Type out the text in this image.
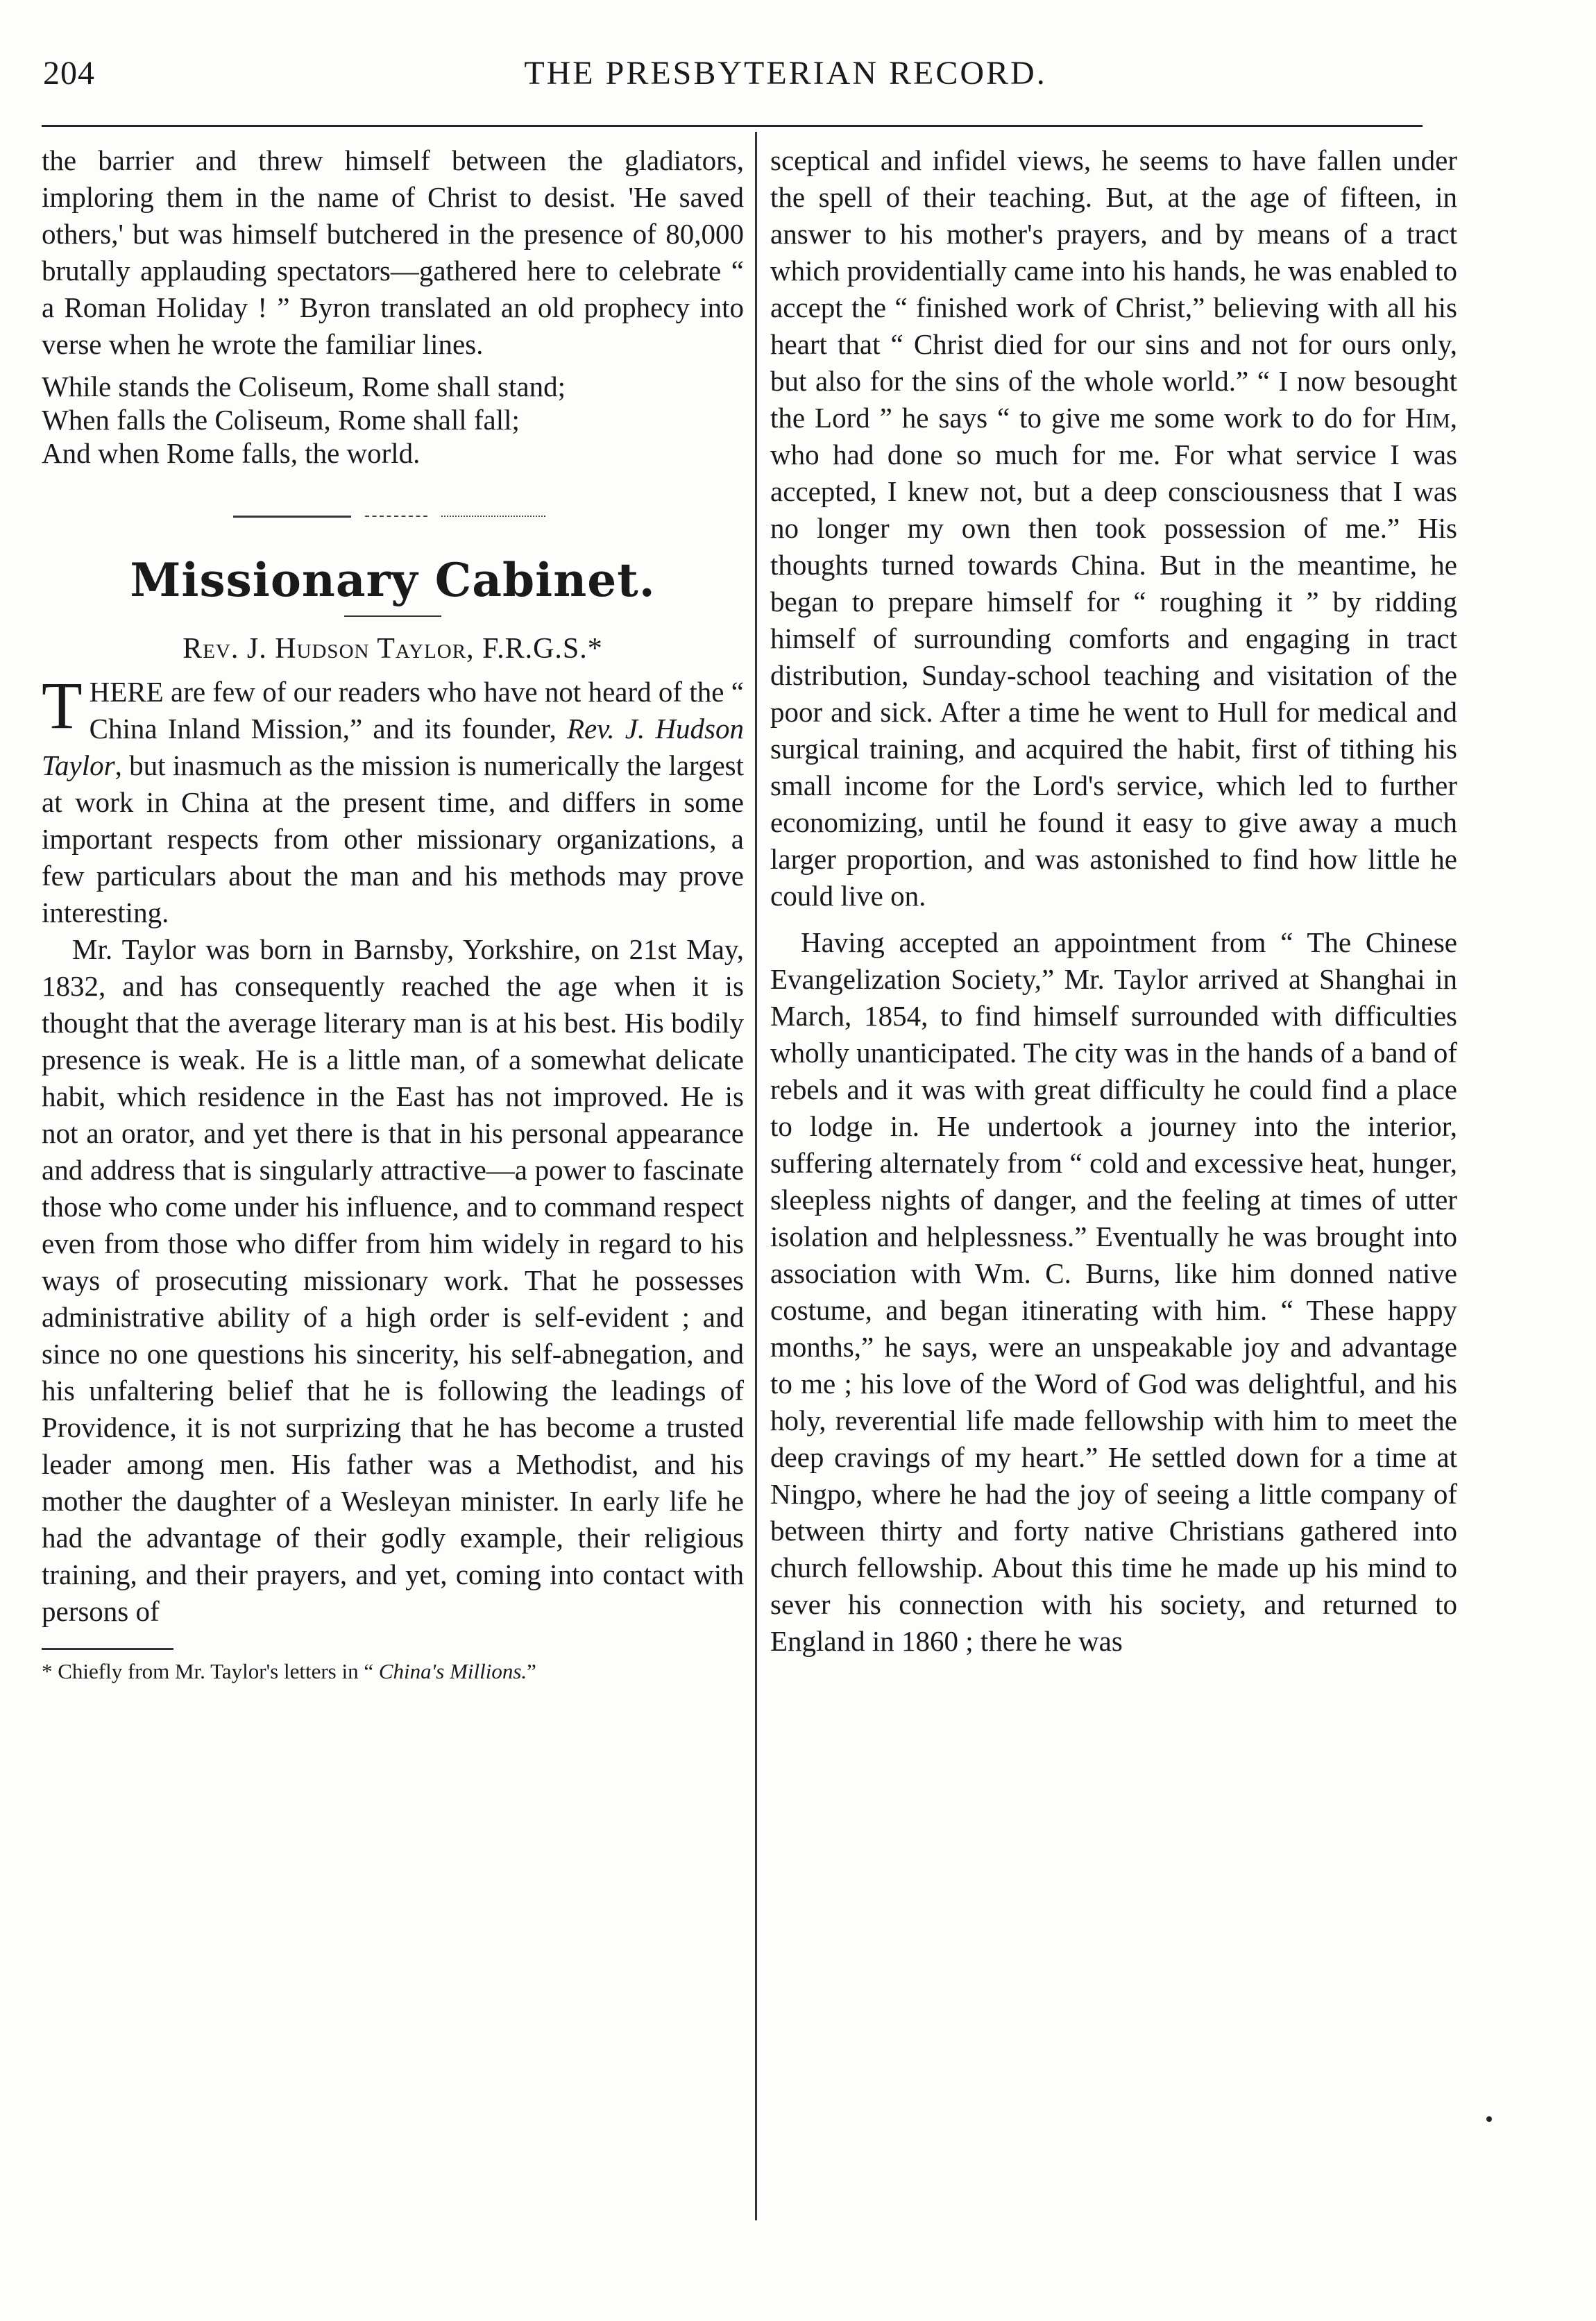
204	THE PRESBYTERIAN RECORD.

the barrier and threw himself between the gladiators, imploring them in the name of Christ to desist. 'He saved others,' but was himself butchered in the presence of 80,000 brutally applauding spectators—gathered here to celebrate “ a Roman Holiday ! ” Byron translated an old prophecy into verse when he wrote the familiar lines.

While stands the Coliseum, Rome shall stand;
When falls the Coliseum, Rome shall fall;
And when Rome falls, the world.
Missionary Cabinet.
Rev. J. Hudson Taylor, F.R.G.S.*

THERE are few of our readers who have not heard of the “ China Inland Mission,” and its founder, Rev. J. Hudson Taylor, but inasmuch as the mission is numerically the largest at work in China at the present time, and differs in some important respects from other missionary organizations, a few particulars about the man and his methods may prove interesting.

Mr. Taylor was born in Barnsby, Yorkshire, on 21st May, 1832, and has consequently reached the age when it is thought that the average literary man is at his best. His bodily presence is weak. He is a little man, of a somewhat delicate habit, which residence in the East has not improved. He is not an orator, and yet there is that in his personal appearance and address that is singularly attractive—a power to fascinate those who come under his influence, and to command respect even from those who differ from him widely in regard to his ways of prosecuting missionary work. That he possesses administrative ability of a high order is self-evident ; and since no one questions his sincerity, his self-abnegation, and his unfaltering belief that he is following the leadings of Providence, it is not surprizing that he has become a trusted leader among men. His father was a Methodist, and his mother the daughter of a Wesleyan minister. In early life he had the advantage of their godly example, their religious training, and their prayers, and yet, coming into contact with persons of

* Chiefly from Mr. Taylor's letters in “ China's Millions.”

sceptical and infidel views, he seems to have fallen under the spell of their teaching. But, at the age of fifteen, in answer to his mother's prayers, and by means of a tract which providentially came into his hands, he was enabled to accept the “ finished work of Christ,” believing with all his heart that “ Christ died for our sins and not for ours only, but also for the sins of the whole world.” “ I now besought the Lord ” he says “ to give me some work to do for Him, who had done so much for me. For what service I was accepted, I knew not, but a deep consciousness that I was no longer my own then took possession of me.” His thoughts turned towards China. But in the meantime, he began to prepare himself for “ roughing it ” by ridding himself of surrounding comforts and engaging in tract distribution, Sunday-school teaching and visitation of the poor and sick. After a time he went to Hull for medical and surgical training, and acquired the habit, first of tithing his small income for the Lord's service, which led to further economizing, until he found it easy to give away a much larger proportion, and was astonished to find how little he could live on.

Having accepted an appointment from “ The Chinese Evangelization Society,” Mr. Taylor arrived at Shanghai in March, 1854, to find himself surrounded with difficulties wholly unanticipated. The city was in the hands of a band of rebels and it was with great difficulty he could find a place to lodge in. He undertook a journey into the interior, suffering alternately from “ cold and excessive heat, hunger, sleepless nights of danger, and the feeling at times of utter isolation and helplessness.” Eventually he was brought into association with Wm. C. Burns, like him donned native costume, and began itinerating with him. “ These happy months,” he says, were an unspeakable joy and advantage to me ; his love of the Word of God was delightful, and his holy, reverential life made fellowship with him to meet the deep cravings of my heart.” He settled down for a time at Ningpo, where he had the joy of seeing a little company of between thirty and forty native Christians gathered into church fellowship. About this time he made up his mind to sever his connection with his society, and returned to England in 1860 ; there he was
